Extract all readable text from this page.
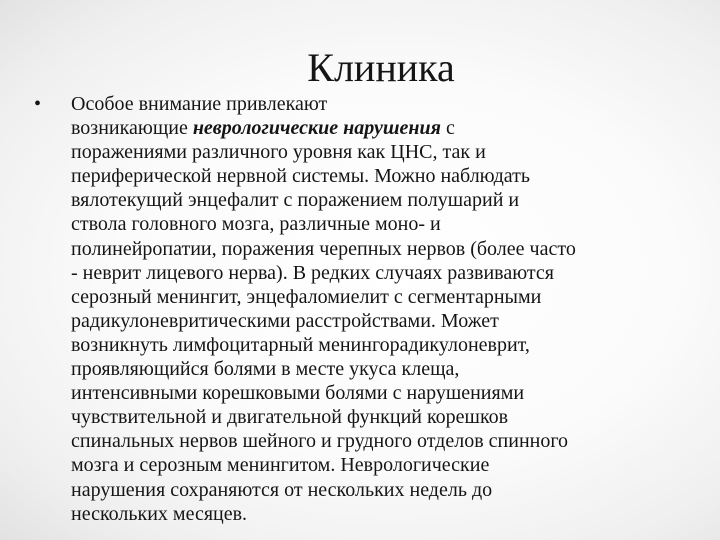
Клиника
• Особое внимание привлекают
возникающие неврологические нарушения с
поражениями различного уровня как ЦНС, так и
периферической нервной системы. Можно наблюдать
вялотекущий энцефалит с поражением полушарий и
ствола головного мозга, различные моно- и
полинейропатии, поражения черепных нервов (более часто
- неврит лицевого нерва). В редких случаях развиваются
серозный менингит, энцефаломиелит с сегментарными
радикулоневритическими расстройствами. Может
возникнуть лимфоцитарный менингорадикулоневрит,
проявляющийся болями в месте укуса клеща,
интенсивными корешковыми болями с нарушениями
чувствительной и двигательной функций корешков
спинальных нервов шейного и грудного отделов спинного
мозга и серозным менингитом. Неврологические
нарушения сохраняются от нескольких недель до
нескольких месяцев.
